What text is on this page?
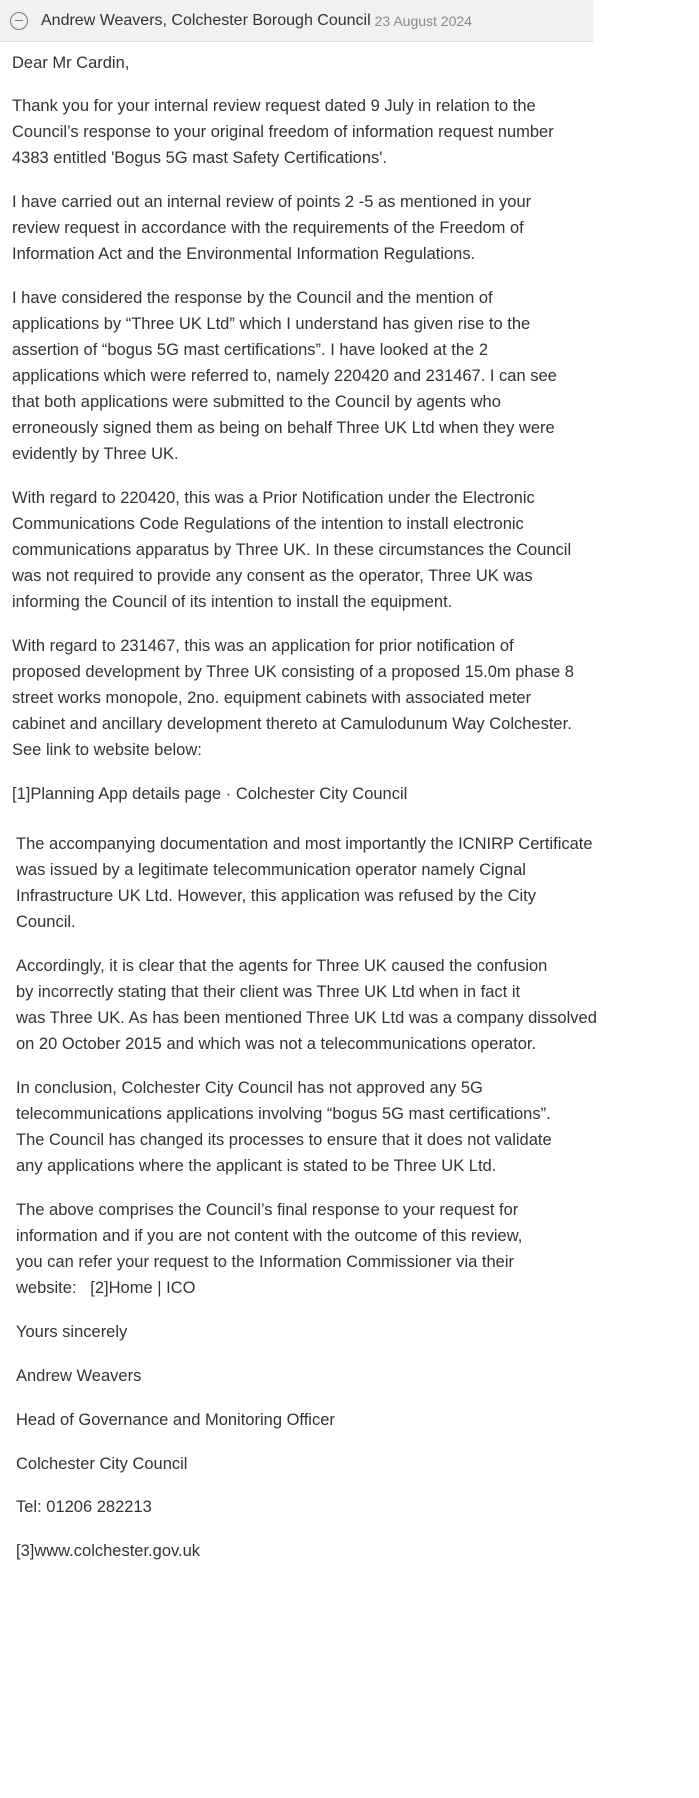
Andrew Weavers, Colchester Borough Council 23 August 2024

Dear Mr Cardin,

Thank you for your internal review request dated 9 July in relation to the
Council’s response to your original freedom of information request number
4383 entitled 'Bogus 5G mast Safety Certifications'.

I have carried out an internal review of points 2 -5 as mentioned in your
review request in accordance with the requirements of the Freedom of
Information Act and the Environmental Information Regulations.

I have considered the response by the Council and the mention of
applications by “Three UK Ltd” which I understand has given rise to the
assertion of “bogus 5G mast certifications”. I have looked at the 2
applications which were referred to, namely 220420 and 231467. I can see
that both applications were submitted to the Council by agents who
erroneously signed them as being on behalf Three UK Ltd when they were
evidently by Three UK.

With regard to 220420, this was a Prior Notification under the Electronic
Communications Code Regulations of the intention to install electronic
communications apparatus by Three UK. In these circumstances the Council
was not required to provide any consent as the operator, Three UK was
informing the Council of its intention to install the equipment.

With regard to 231467, this was an application for prior notification of
proposed development by Three UK consisting of a proposed 15.0m phase 8
street works monopole, 2no. equipment cabinets with associated meter
cabinet and ancillary development thereto at Camulodunum Way Colchester.
See link to website below:

[1]Planning App details page · Colchester City Council

The accompanying documentation and most importantly the ICNIRP Certificate
was issued by a legitimate telecommunication operator namely Cignal
Infrastructure UK Ltd. However, this application was refused by the City
Council.

Accordingly, it is clear that the agents for Three UK caused the confusion
by incorrectly stating that their client was Three UK Ltd when in fact it
was Three UK. As has been mentioned Three UK Ltd was a company dissolved
on 20 October 2015 and which was not a telecommunications operator.

In conclusion, Colchester City Council has not approved any 5G
telecommunications applications involving “bogus 5G mast certifications”.
The Council has changed its processes to ensure that it does not validate
any applications where the applicant is stated to be Three UK Ltd.

The above comprises the Council’s final response to your request for
information and if you are not content with the outcome of this review,
you can refer your request to the Information Commissioner via their
website:   [2]Home | ICO

Yours sincerely

Andrew Weavers

Head of Governance and Monitoring Officer

Colchester City Council

Tel: 01206 282213

[3]www.colchester.gov.uk
